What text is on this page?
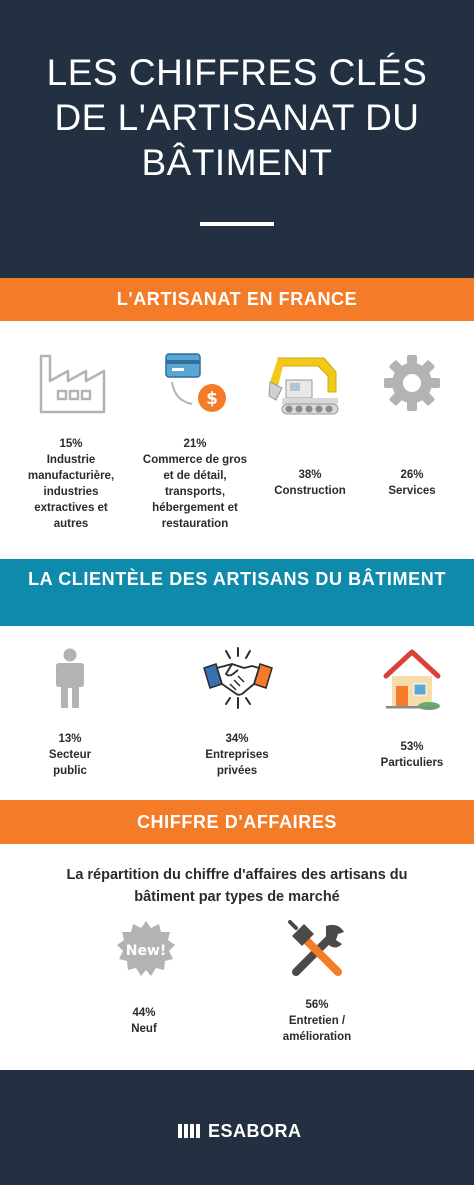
LES CHIFFRES CLÉS DE L'ARTISANAT DU BÂTIMENT
L'ARTISANAT EN FRANCE
$
15%
Industrie manufacturière, industries extractives et autres
21%
Commerce de gros et de détail, transports, hébergement et restauration
38%
Construction
26%
Services
LA CLIENTÈLE DES ARTISANS DU BÂTIMENT
13%
Secteur public
34%
Entreprises privées
53%
Particuliers
CHIFFRE D'AFFAIRES
La répartition du chiffre d'affaires des artisans du bâtiment par types de marché
New!
44%
Neuf
56%
Entretien / amélioration
ESABORA
